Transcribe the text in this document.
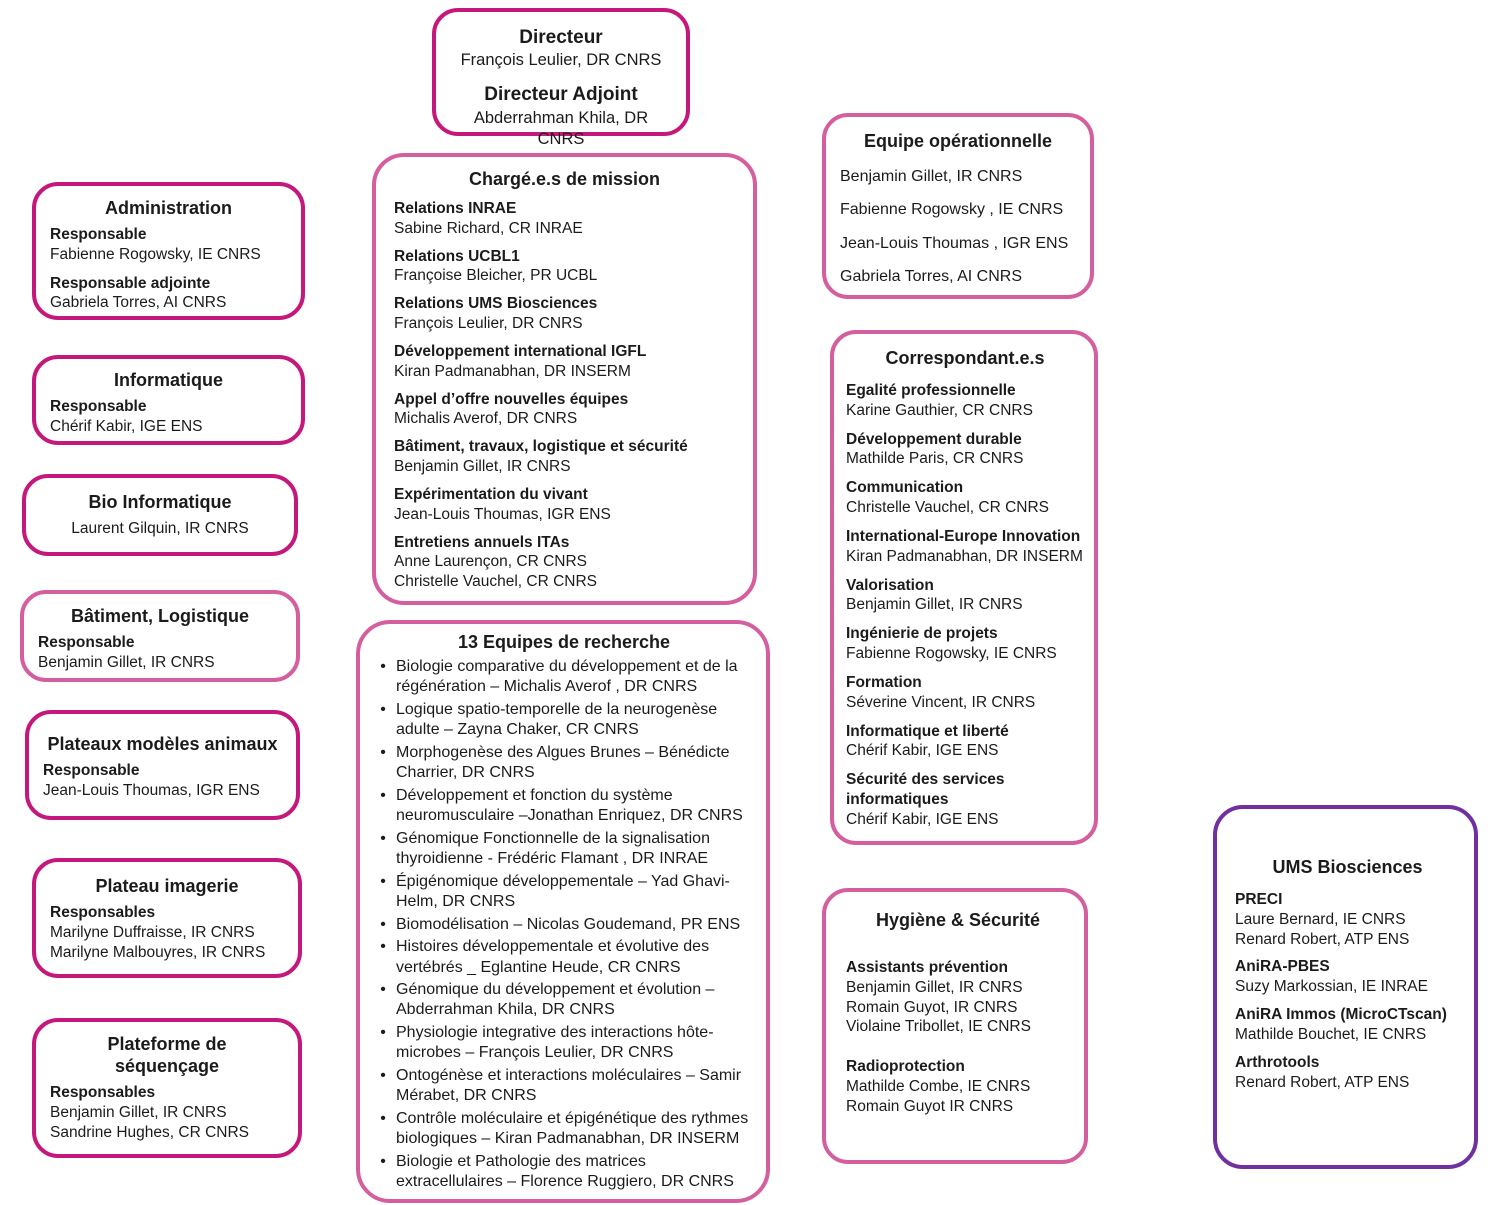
Directeur
François Leulier, DR CNRS
Directeur Adjoint
Abderrahman Khila, DR CNRS
Administration
Responsable
Fabienne Rogowsky, IE CNRS
Responsable adjointe
Gabriela Torres, AI CNRS
Informatique
Responsable
Chérif Kabir, IGE ENS
Bio Informatique
Laurent Gilquin, IR CNRS
Bâtiment, Logistique
Responsable
Benjamin Gillet, IR CNRS
Plateaux modèles animaux
Responsable
Jean-Louis Thoumas, IGR ENS
Plateau imagerie
Responsables
Marilyne Duffraisse, IR CNRS
Marilyne Malbouyres, IR CNRS
Plateforme de séquençage
Responsables
Benjamin Gillet, IR CNRS
Sandrine Hughes, CR CNRS
Chargé.e.s de mission
Relations INRAE
Sabine Richard, CR INRAE
Relations UCBL1
Françoise Bleicher, PR UCBL
Relations UMS Biosciences
François Leulier, DR CNRS
Développement international IGFL
Kiran Padmanabhan, DR INSERM
Appel d’offre nouvelles équipes
Michalis Averof, DR CNRS
Bâtiment, travaux, logistique et sécurité
Benjamin Gillet, IR CNRS
Expérimentation du vivant
Jean-Louis Thoumas, IGR ENS
Entretiens annuels ITAs
Anne Laurençon, CR CNRS
Christelle Vauchel, CR CNRS
13 Equipes de recherche
• Biologie comparative du développement et de la régénération – Michalis Averof , DR CNRS
• Logique spatio-temporelle de la neurogenèse adulte – Zayna Chaker, CR CNRS
• Morphogenèse des Algues Brunes – Bénédicte Charrier, DR CNRS
• Développement et fonction du système neuromusculaire –Jonathan Enriquez, DR CNRS
• Génomique Fonctionnelle de la signalisation thyroidienne - Frédéric Flamant , DR INRAE
• Épigénomique développementale – Yad Ghavi-Helm, DR CNRS
• Biomodélisation – Nicolas Goudemand, PR ENS
• Histoires développementale et évolutive des vertébrés _ Eglantine Heude, CR CNRS
• Génomique du développement et évolution – Abderrahman Khila, DR CNRS
• Physiologie integrative des interactions hôte-microbes – François Leulier, DR CNRS
• Ontogénèse et interactions moléculaires – Samir Mérabet, DR CNRS
• Contrôle moléculaire et épigénétique des rythmes biologiques – Kiran Padmanabhan, DR INSERM
• Biologie et Pathologie des matrices extracellulaires – Florence Ruggiero, DR CNRS
Equipe opérationnelle
Benjamin Gillet, IR CNRS
Fabienne Rogowsky , IE CNRS
Jean-Louis Thoumas , IGR ENS
Gabriela Torres, AI CNRS
Correspondant.e.s
Egalité professionnelle
Karine Gauthier, CR CNRS
Développement durable
Mathilde Paris, CR CNRS
Communication
Christelle Vauchel, CR CNRS
International-Europe Innovation
Kiran Padmanabhan, DR INSERM
Valorisation
Benjamin Gillet, IR CNRS
Ingénierie de projets
Fabienne Rogowsky, IE CNRS
Formation
Séverine Vincent, IR CNRS
Informatique et liberté
Chérif Kabir, IGE ENS
Sécurité des services informatiques
Chérif Kabir, IGE ENS
Hygiène & Sécurité
Assistants prévention
Benjamin Gillet, IR CNRS
Romain Guyot, IR CNRS
Violaine Tribollet, IE CNRS
Radioprotection
Mathilde Combe, IE CNRS
Romain Guyot IR CNRS
UMS Biosciences
PRECI
Laure Bernard, IE CNRS
Renard Robert, ATP ENS
AniRA-PBES
Suzy Markossian, IE INRAE
AniRA Immos (MicroCTscan)
Mathilde Bouchet, IE CNRS
Arthrotools
Renard Robert, ATP ENS
